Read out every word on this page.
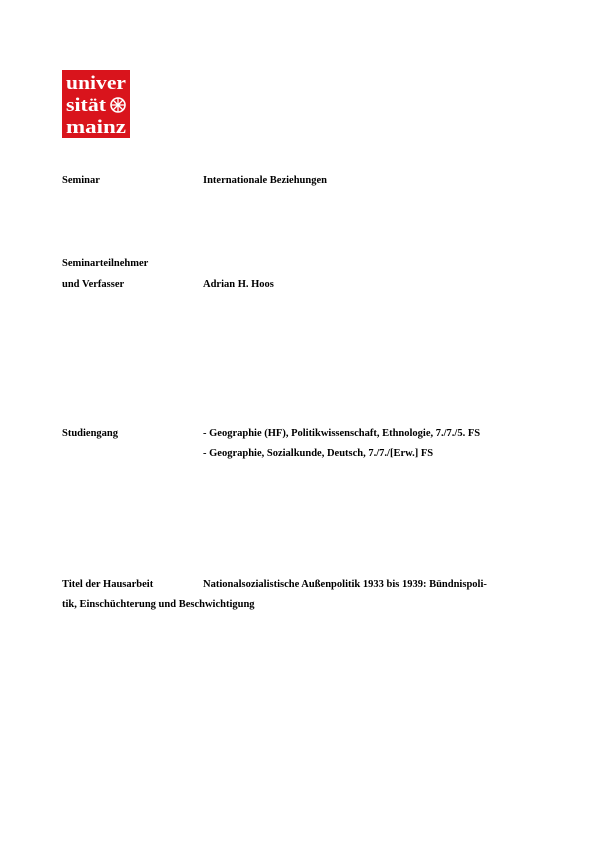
univer
sität
mainz
Seminar	Internationale Beziehungen
Seminarteilnehmer
und Verfasser	Adrian H. Hoos
Studiengang	- Geographie (HF), Politikwissenschaft, Ethnologie, 7./7./5. FS
- Geographie, Sozialkunde, Deutsch, 7./7./[Erw.] FS
Titel der Hausarbeit	Nationalsozialistische Außenpolitik 1933 bis 1939: Bündnispoli-
tik, Einschüchterung und Beschwichtigung
